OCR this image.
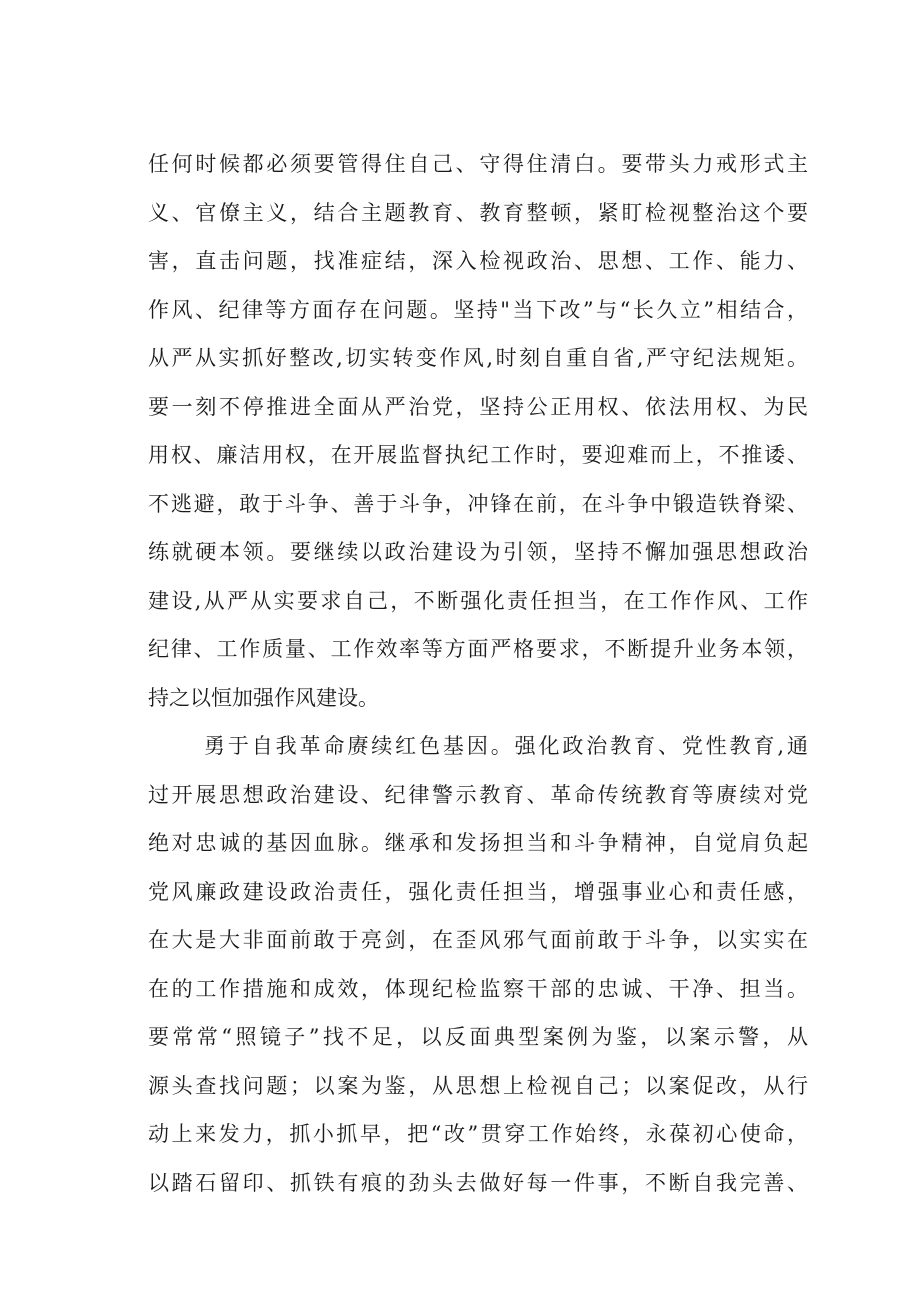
任何时候都必须要管得住自己、守得住清白。要带头力戒形式主
义、官僚主义，结合主题教育、教育整顿，紧盯检视整治这个要
害，直击问题，找准症结，深入检视政治、思想、工作、能力、
作风、纪律等方面存在问题。坚持"当下改”与“长久立”相结合，
从严从实抓好整改,切实转变作风,时刻自重自省,严守纪法规矩。
要一刻不停推进全面从严治党，坚持公正用权、依法用权、为民
用权、廉洁用权，在开展监督执纪工作时，要迎难而上，不推诿、
不逃避，敢于斗争、善于斗争，冲锋在前，在斗争中锻造铁脊梁、
练就硬本领。要继续以政治建设为引领，坚持不懈加强思想政治
建设,从严从实要求自己，不断强化责任担当，在工作作风、工作
纪律、工作质量、工作效率等方面严格要求，不断提升业务本领，
持之以恒加强作风建设。
勇于自我革命赓续红色基因。强化政治教育、党性教育,通
过开展思想政治建设、纪律警示教育、革命传统教育等赓续对党
绝对忠诚的基因血脉。继承和发扬担当和斗争精神，自觉肩负起
党风廉政建设政治责任，强化责任担当，增强事业心和责任感，
在大是大非面前敢于亮剑，在歪风邪气面前敢于斗争，以实实在
在的工作措施和成效，体现纪检监察干部的忠诚、干净、担当。
要常常“照镜子”找不足，以反面典型案例为鉴，以案示警，从
源头查找问题；以案为鉴，从思想上检视自己；以案促改，从行
动上来发力，抓小抓早，把“改”贯穿工作始终，永葆初心使命，
以踏石留印、抓铁有痕的劲头去做好每一件事，不断自我完善、
